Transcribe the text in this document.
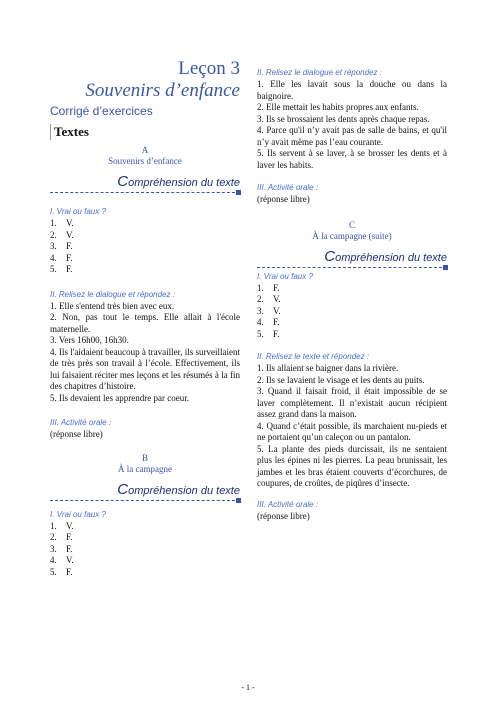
Leçon 3
Souvenirs d’enfance
Corrigé d’exercices
Textes
A
Souvenirs d’enfance
Compréhension du texte
I. Vrai ou faux ?
1. V.
2. V.
3. F.
4. F.
5. F.
II. Relisez le dialogue et répondez :
1. Elle s'entend très bien avec eux.
2. Non, pas tout le temps. Elle allait à l'école maternelle.
3. Vers 16h00, 16h30.
4. Ils l'aidaient beaucoup à travailler, ils surveillaient de très près son travail à l’école. Effectivement, ils lui faisaient réciter mes leçons et les résumés à la fin des chapitres d’histoire.
5. Ils devaient les apprendre par coeur.
III. Activité orale :
(réponse libre)
B
À la campagne
Compréhension du texte
I. Vrai ou faux ?
1. V.
2. F.
3. F.
4. V.
5. F.
II. Relisez le dialogue et répondez :
1. Elle les lavait sous la douche ou dans la baignoire.
2. Elle mettait les habits propres aux enfants.
3. Ils se brossaient les dents après chaque repas.
4. Parce qu'il n’y avait pas de salle de bains, et qu'il n’y avait même pas l’eau courante.
5. Ils servent à se laver, à se brosser les dents et à laver les habits.
III. Activité orale :
(réponse libre)
C
À la campagne (suite)
Compréhension du texte
I. Vrai ou faux ?
1. F.
2. V.
3. V.
4. F.
5. F.
II. Relisez le texte et répondez :
1. Ils allaient se baigner dans la rivière.
2. Ils se lavaient le visage et les dents au puits.
3. Quand il faisait froid, il était impossible de se laver complètement. Il n’existait aucun récipient assez grand dans la maison.
4. Quand c’était possible, ils marchaient nu-pieds et ne portaient qu’un caleçon ou un pantalon.
5. La plante des pieds durcissait, ils ne sentaient plus les épines ni les pierres. La peau brunissait, les jambes et les bras étaient couverts d’écorchures, de coupures, de croûtes, de piqûres d’insecte.
III. Activité orale :
(réponse libre)
- 1 -
